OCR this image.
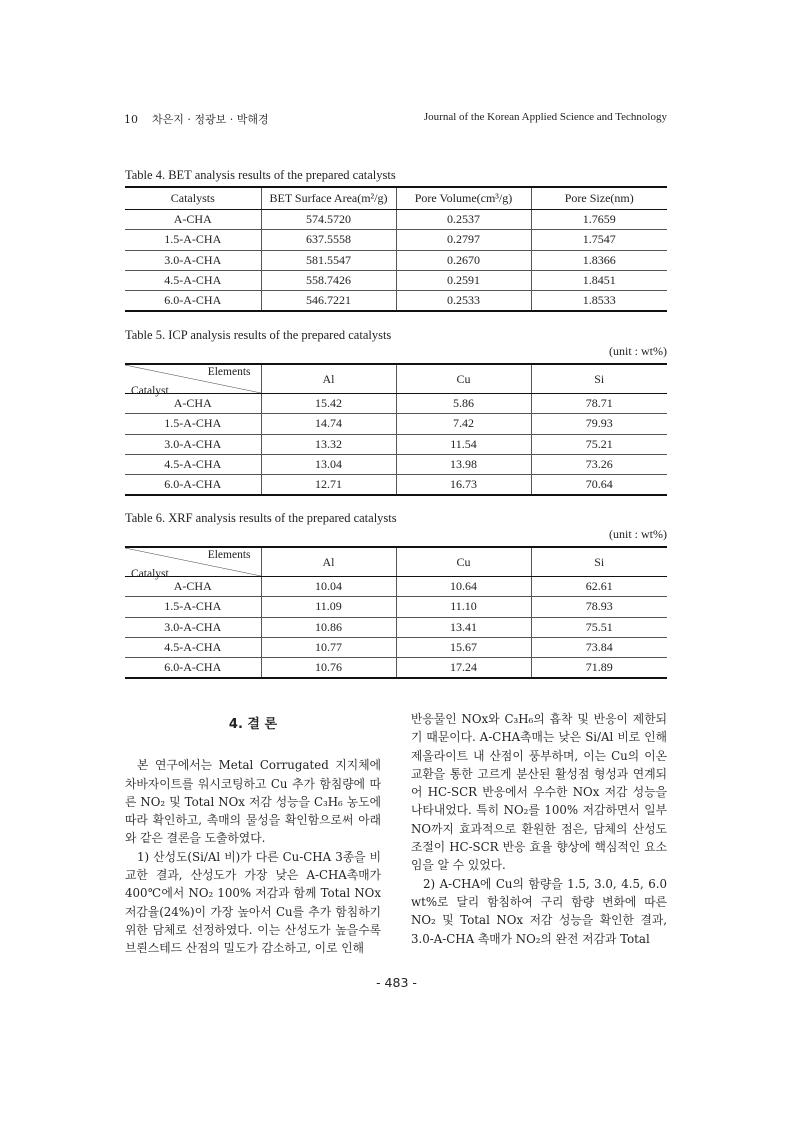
10 차은지 · 정광보 · 박해경	Journal of the Korean Applied Science and Technology
Table 4. BET analysis results of the prepared catalysts
Catalysts	BET Surface Area(m²/g)	Pore Volume(cm³/g)	Pore Size(nm)
A-CHA	574.5720	0.2537	1.7659
1.5-A-CHA	637.5558	0.2797	1.7547
3.0-A-CHA	581.5547	0.2670	1.8366
4.5-A-CHA	558.7426	0.2591	1.8451
6.0-A-CHA	546.7221	0.2533	1.8533
Table 5. ICP analysis results of the prepared catalysts
(unit : wt%)
Elements
Catalyst	Al	Cu	Si
A-CHA	15.42	5.86	78.71
1.5-A-CHA	14.74	7.42	79.93
3.0-A-CHA	13.32	11.54	75.21
4.5-A-CHA	13.04	13.98	73.26
6.0-A-CHA	12.71	16.73	70.64
Table 6. XRF analysis results of the prepared catalysts
(unit : wt%)
Elements
Catalyst	Al	Cu	Si
A-CHA	10.04	10.64	62.61
1.5-A-CHA	11.09	11.10	78.93
3.0-A-CHA	10.86	13.41	75.51
4.5-A-CHA	10.77	15.67	73.84
6.0-A-CHA	10.76	17.24	71.89

4. 결 론

본 연구에서는 Metal Corrugated 지지체에 차바자이트를 워시코팅하고 Cu 추가 함침량에 따른 NO₂ 및 Total NOx 저감 성능을 C₃H₆ 농도에 따라 확인하고, 촉매의 물성을 확인함으로써 아래와 같은 결론을 도출하였다.

1) 산성도(Si/Al 비)가 다른 Cu-CHA 3종을 비교한 결과, 산성도가 가장 낮은 A-CHA촉매가 400℃에서 NO₂ 100% 저감과 함께 Total NOx 저감율(24%)이 가장 높아서 Cu를 추가 함침하기 위한 담체로 선정하였다. 이는 산성도가 높을수록 브뢴스테드 산점의 밀도가 감소하고, 이로 인해

반응물인 NOx와 C₃H₆의 흡착 및 반응이 제한되기 때문이다. A-CHA촉매는 낮은 Si/Al 비로 인해 제올라이트 내 산점이 풍부하며, 이는 Cu의 이온교환을 통한 고르게 분산된 활성점 형성과 연계되어 HC-SCR 반응에서 우수한 NOx 저감 성능을 나타내었다. 특히 NO₂를 100% 저감하면서 일부 NO까지 효과적으로 환원한 점은, 담체의 산성도 조절이 HC-SCR 반응 효율 향상에 핵심적인 요소임을 알 수 있었다.

2) A-CHA에 Cu의 함량을 1.5, 3.0, 4.5, 6.0 wt%로 달리 함침하여 구리 함량 변화에 따른 NO₂ 및 Total NOx 저감 성능을 확인한 결과, 3.0-A-CHA 촉매가 NO₂의 완전 저감과 Total

- 483 -
